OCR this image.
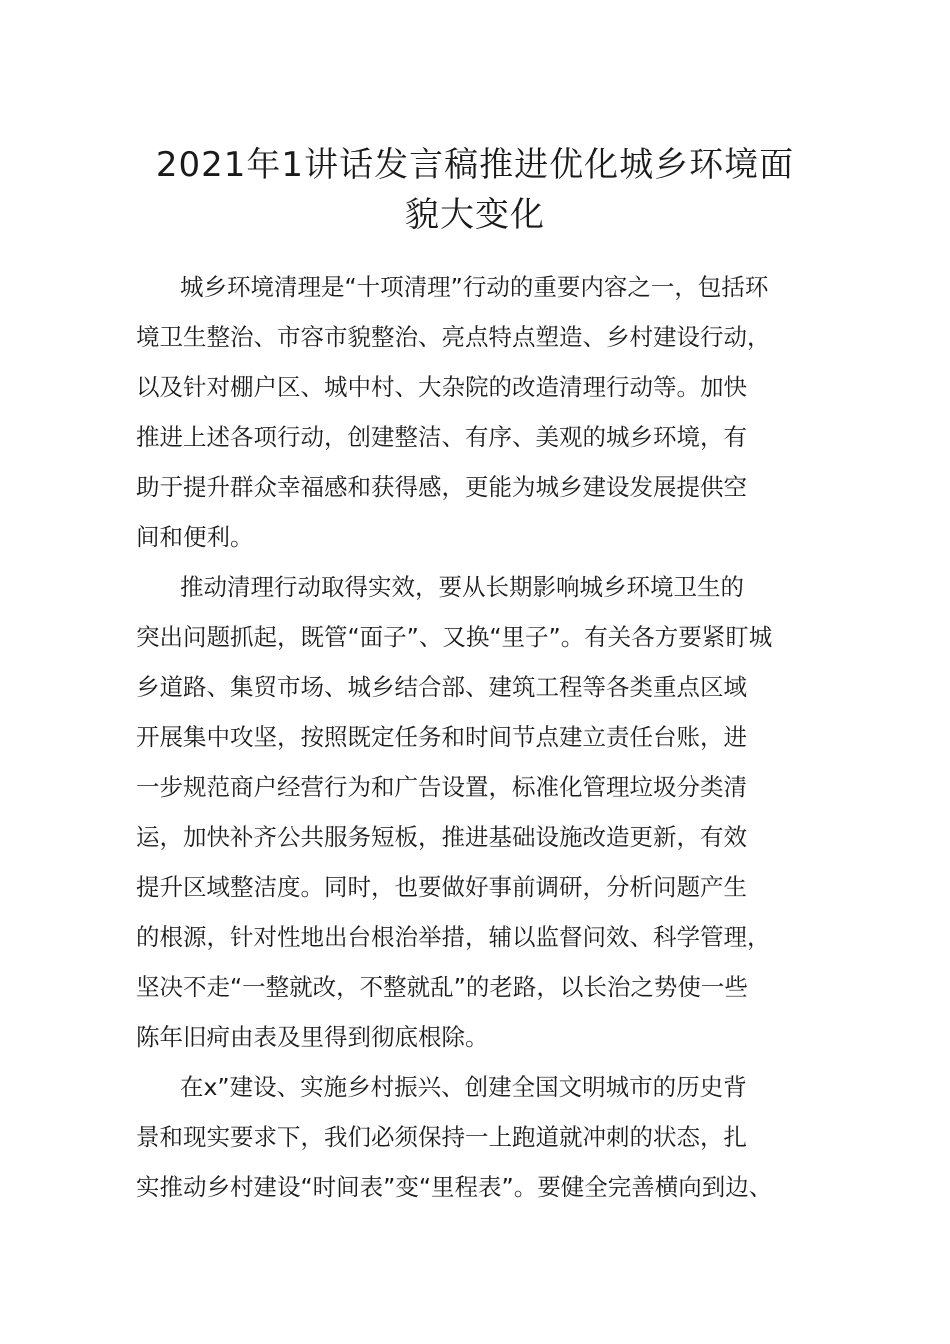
2021年1讲话发言稿推进优化城乡环境面
貌大变化
城乡环境清理是“十项清理”行动的重要内容之一，包括环
境卫生整治、市容市貌整治、亮点特点塑造、乡村建设行动，
以及针对棚户区、城中村、大杂院的改造清理行动等。加快
推进上述各项行动，创建整洁、有序、美观的城乡环境，有
助于提升群众幸福感和获得感，更能为城乡建设发展提供空
间和便利。
推动清理行动取得实效，要从长期影响城乡环境卫生的
突出问题抓起，既管“面子”、又换“里子”。有关各方要紧盯城
乡道路、集贸市场、城乡结合部、建筑工程等各类重点区域
开展集中攻坚，按照既定任务和时间节点建立责任台账，进
一步规范商户经营行为和广告设置，标准化管理垃圾分类清
运，加快补齐公共服务短板，推进基础设施改造更新，有效
提升区域整洁度。同时，也要做好事前调研，分析问题产生
的根源，针对性地出台根治举措，辅以监督问效、科学管理，
坚决不走“一整就改，不整就乱”的老路，以长治之势使一些
陈年旧疴由表及里得到彻底根除。
在x”建设、实施乡村振兴、创建全国文明城市的历史背
景和现实要求下，我们必须保持一上跑道就冲刺的状态，扎
实推动乡村建设“时间表”变“里程表”。要健全完善横向到边、
